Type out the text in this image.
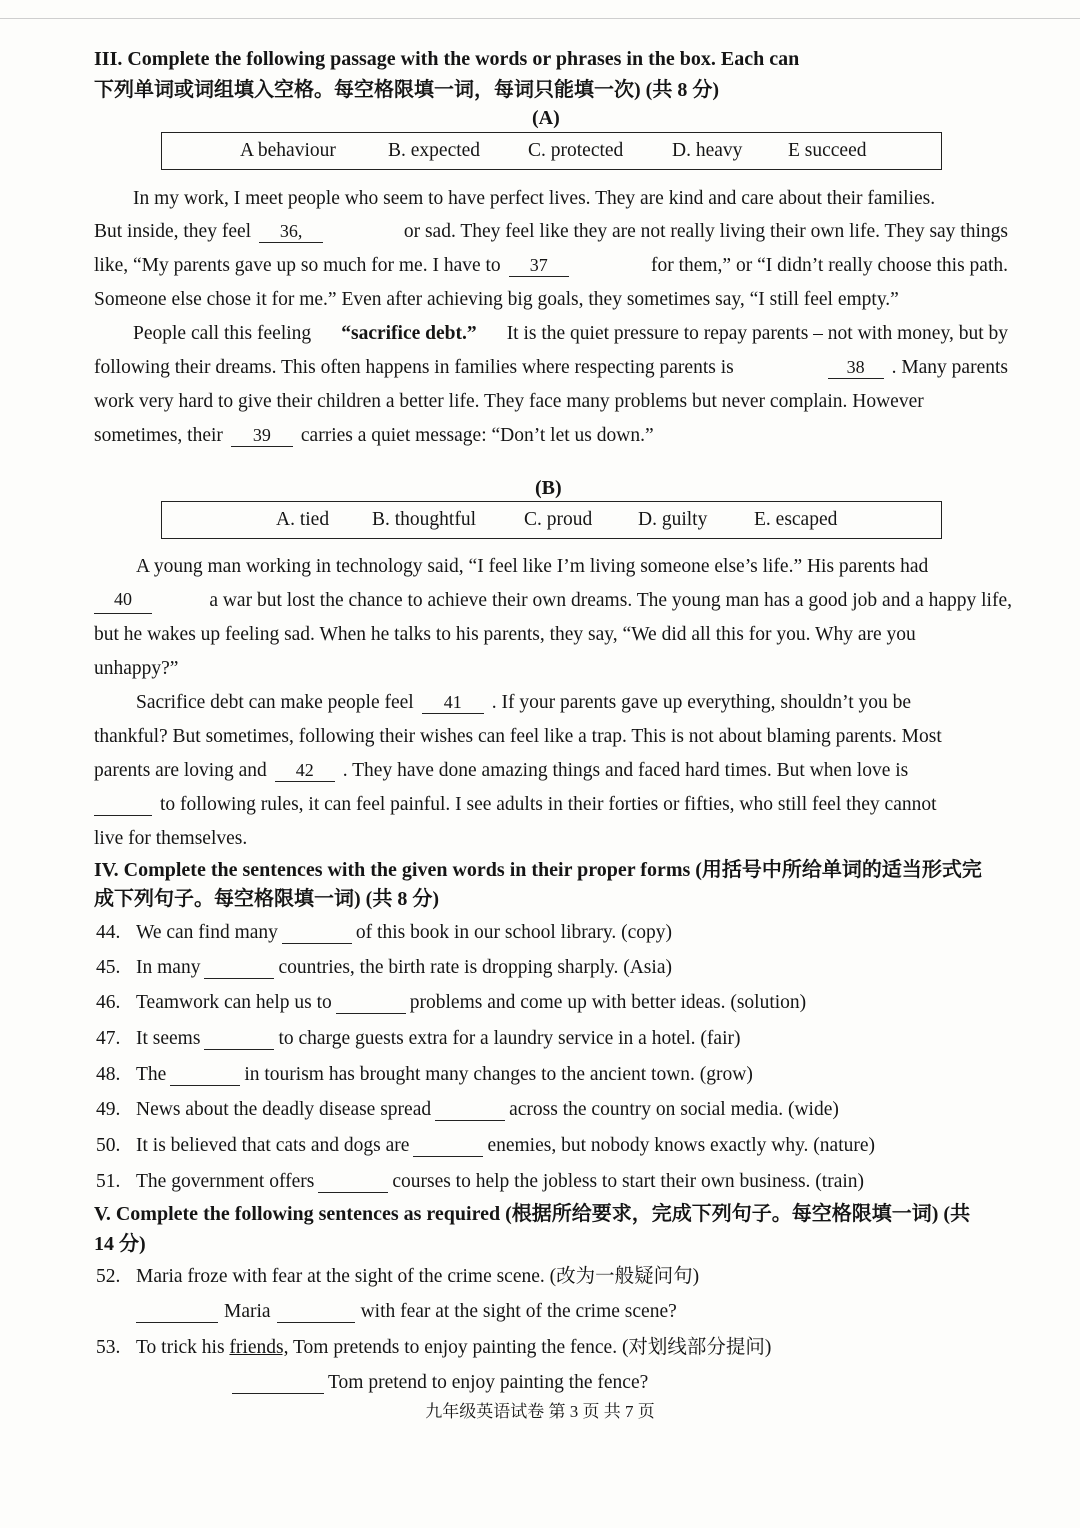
III. Complete the following passage with the words or phrases in the box. Each can
下列单词或词组填入空格。每空格限填一词，每词只能填一次) (共 8 分)
(A)
A behaviour	B. expected C. protected D. heavy E succeed
In my work, I meet people who seem to have perfect lives. They are kind and care about their families.
But inside, they feel 36,	or sad. They feel like they are not really living their own life. They say things
like, “My parents gave up so much for me. I have to 37	for them,” or “I didn’t really choose this path.
Someone else chose it for me.” Even after achieving big goals, they sometimes say, “I still feel empty.”
People call this feeling “sacrifice debt.” It is the quiet pressure to repay parents – not with money, but by
following their dreams. This often happens in families where respecting parents is	38 . Many parents
work very hard to give their children a better life. They face many problems but never complain. However
sometimes, their 39 carries a quiet message: “Don’t let us down.”
(B)
A. tied B. thoughtful C. proud D. guilty E. escaped
A young man working in technology said, “I feel like I’m living someone else’s life.” His parents had
40	a war but lost the chance to achieve their own dreams. The young man has a good job and a happy life,
but he wakes up feeling sad. When he talks to his parents, they say, “We did all this for you. Why are you
unhappy?”
Sacrifice debt can make people feel 41 . If your parents gave up everything, shouldn’t you be
thankful? But sometimes, following their wishes can feel like a trap. This is not about blaming parents. Most
parents are loving and 42 . They have done amazing things and faced hard times. But when love is
to following rules, it can feel painful. I see adults in their forties or fifties, who still feel they cannot
live for themselves.
IV. Complete the sentences with the given words in their proper forms (用括号中所给单词的适当形式完
成下列句子。每空格限填一词) (共 8 分)
44. We can find many	of this book in our school library. (copy)
45. In many	countries, the birth rate is dropping sharply. (Asia)
46. Teamwork can help us to	problems and come up with better ideas. (solution)
47. It seems	to charge guests extra for a laundry service in a hotel. (fair)
48. The	in tourism has brought many changes to the ancient town. (grow)
49. News about the deadly disease spread	across the country on social media. (wide)
50. It is believed that cats and dogs are	enemies, but nobody knows exactly why. (nature)
51. The government offers	courses to help the jobless to start their own business. (train)
V. Complete the following sentences as required (根据所给要求，完成下列句子。每空格限填一词) (共
14 分)
52. Maria froze with fear at the sight of the crime scene. (改为一般疑问句)
Maria	with fear at the sight of the crime scene?
53. To trick his friends, Tom pretends to enjoy painting the fence. (对划线部分提问)
Tom pretend to enjoy painting the fence?
九年级英语试卷 第 3 页 共 7 页
